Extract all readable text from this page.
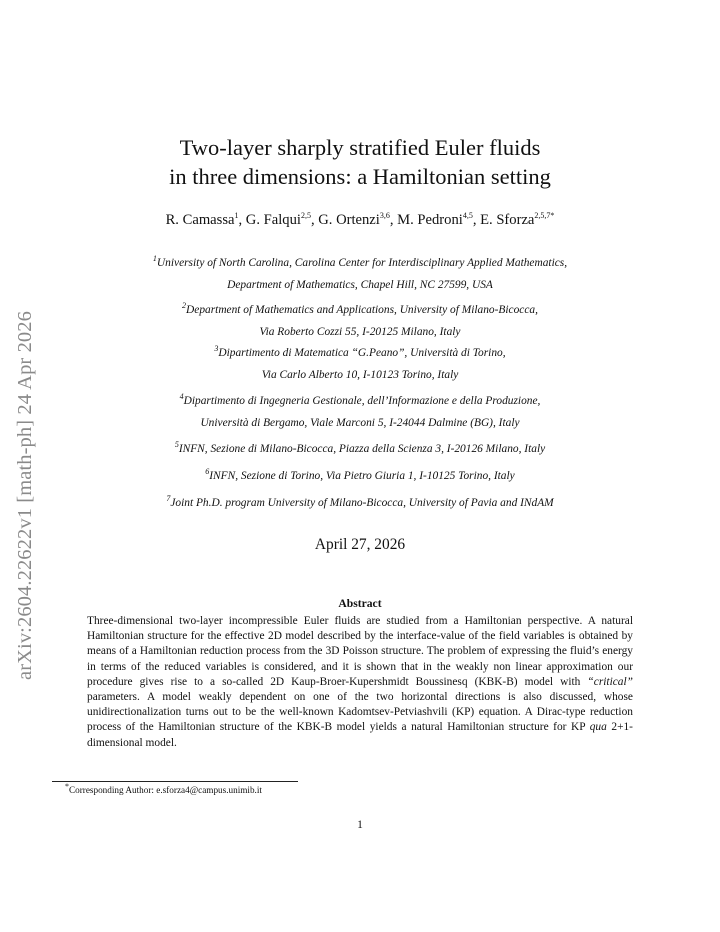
arXiv:2604.22622v1 [math-ph] 24 Apr 2026
Two-layer sharply stratified Euler fluids
in three dimensions: a Hamiltonian setting
R. Camassa$^1$, G. Falqui$^{2,5}$, G. Ortenzi$^{3,6}$, M. Pedroni$^{4,5}$, E. Sforza$^{2,5,7*}$
$^1$University of North Carolina, Carolina Center for Interdisciplinary Applied Mathematics,
Department of Mathematics, Chapel Hill, NC 27599, USA
$^2$Department of Mathematics and Applications, University of Milano-Bicocca,
Via Roberto Cozzi 55, I-20125 Milano, Italy
$^3$Dipartimento di Matematica “G.Peano”, Università di Torino,
Via Carlo Alberto 10, I-10123 Torino, Italy
$^4$Dipartimento di Ingegneria Gestionale, dell’Informazione e della Produzione,
Università di Bergamo, Viale Marconi 5, I-24044 Dalmine (BG), Italy
$^5$INFN, Sezione di Milano-Bicocca, Piazza della Scienza 3, I-20126 Milano, Italy
$^6$INFN, Sezione di Torino, Via Pietro Giuria 1, I-10125 Torino, Italy
$^7$Joint Ph.D. program University of Milano-Bicocca, University of Pavia and INdAM
April 27, 2026
Abstract
Three-dimensional two-layer incompressible Euler fluids are studied from a Hamiltonian perspective. A natural Hamiltonian structure for the effective 2D model described by the interface-value of the field variables is obtained by means of a Hamiltonian reduction process from the 3D Poisson structure. The problem of expressing the fluid’s energy in terms of the reduced variables is considered, and it is shown that in the weakly non linear approximation our procedure gives rise to a so-called 2D Kaup-Broer-Kupershmidt Boussinesq (KBK-B) model with “critical” parameters. A model weakly dependent on one of the two horizontal directions is also discussed, whose unidirectionalization turns out to be the well-known Kadomtsev-Petviashvili (KP) equation. A Dirac-type reduction process of the Hamiltonian structure of the KBK-B model yields a natural Hamiltonian structure for KP qua 2+1-dimensional model.
*Corresponding Author: e.sforza4@campus.unimib.it
1
